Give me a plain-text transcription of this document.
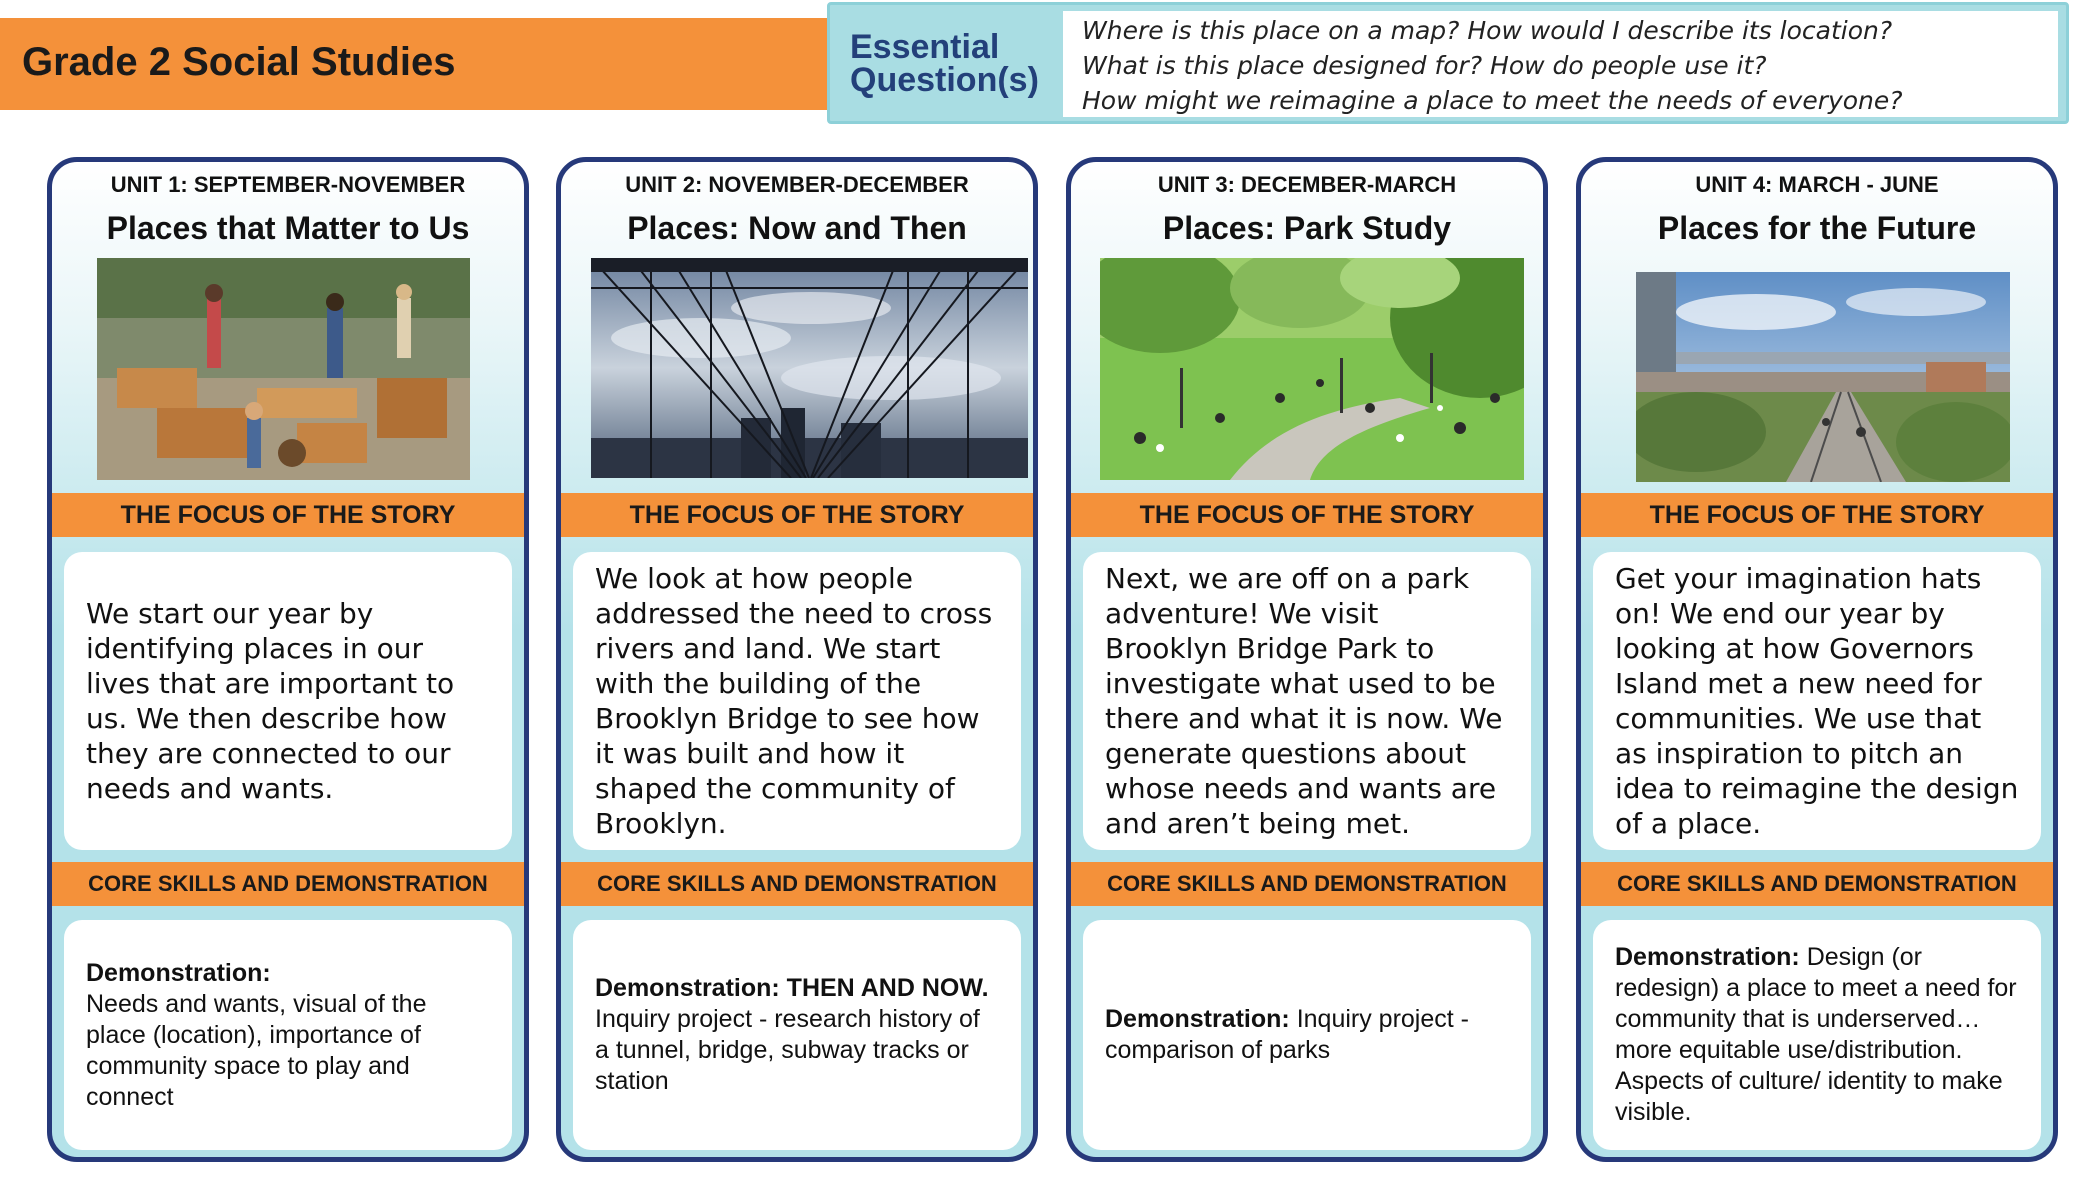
Grade 2 Social Studies	Essential
Question(s)
Where is this place on a map? How would I describe its location?
What is this place designed for? How do people use it?
How might we reimagine a place to meet the needs of everyone?
UNIT 1: SEPTEMBER-NOVEMBER
Places that Matter to Us
THE FOCUS OF THE STORY
We start our year by identifying places in our lives that are important to us. We then describe how they are connected to our needs and wants.
CORE SKILLS AND DEMONSTRATION
Demonstration:
Needs and wants, visual of the place (location), importance of community space to play and connect
UNIT 2: NOVEMBER-DECEMBER
Places: Now and Then
THE FOCUS OF THE STORY
We look at how people addressed the need to cross rivers and land. We start with the building of the Brooklyn Bridge to see how it was built and how it shaped the community of Brooklyn.
CORE SKILLS AND DEMONSTRATION
Demonstration: THEN AND NOW. Inquiry project - research history of a tunnel, bridge, subway tracks or station
UNIT 3: DECEMBER-MARCH
Places: Park Study
THE FOCUS OF THE STORY
Next, we are off on a park adventure! We visit Brooklyn Bridge Park to investigate what used to be there and what it is now. We generate questions about whose needs and wants are and aren’t being met.
CORE SKILLS AND DEMONSTRATION
Demonstration: Inquiry project - comparison of parks
UNIT 4: MARCH - JUNE
Places for the Future
THE FOCUS OF THE STORY
Get your imagination hats on! We end our year by looking at how Governors Island met a new need for communities. We use that as inspiration to pitch an idea to reimagine the design of a place.
CORE SKILLS AND DEMONSTRATION
Demonstration: Design (or redesign) a place to meet a need for community that is underserved… more equitable use/distribution. Aspects of culture/ identity to make visible.
